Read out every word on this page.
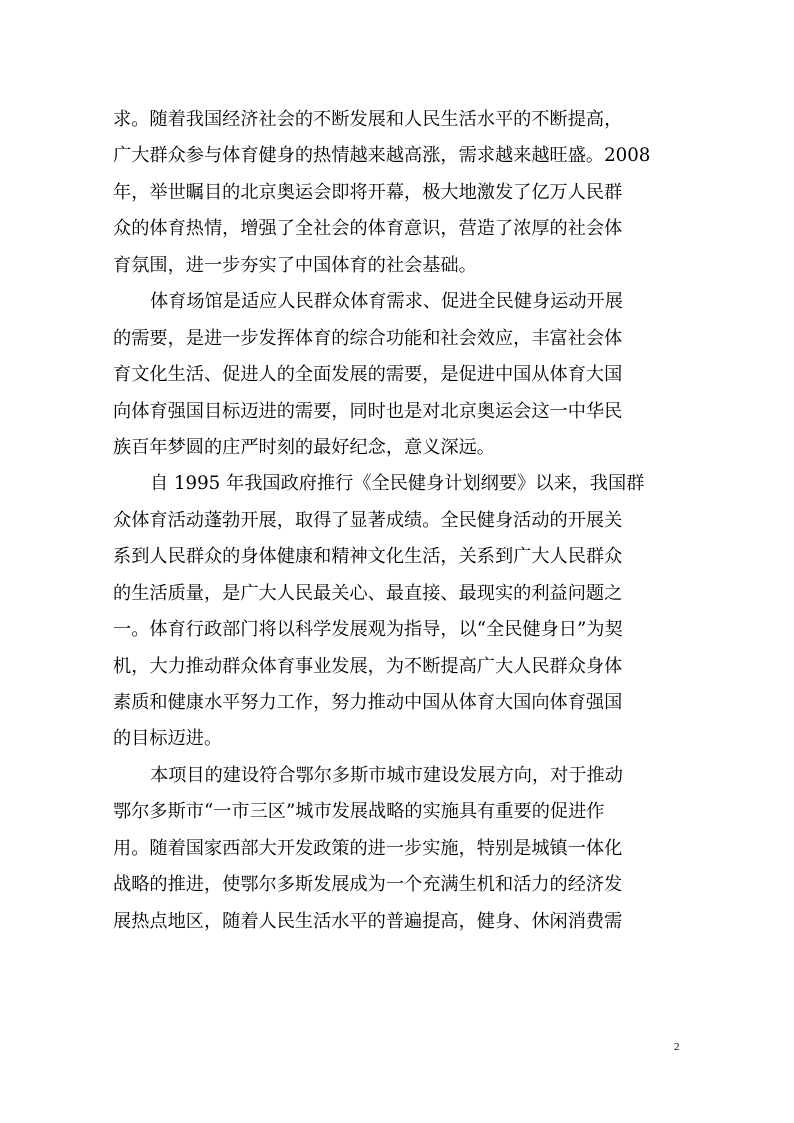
求。随着我国经济社会的不断发展和人民生活水平的不断提高，
广大群众参与体育健身的热情越来越高涨，需求越来越旺盛。2008
年，举世瞩目的北京奥运会即将开幕，极大地激发了亿万人民群
众的体育热情，增强了全社会的体育意识，营造了浓厚的社会体
育氛围，进一步夯实了中国体育的社会基础。
体育场馆是适应人民群众体育需求、促进全民健身运动开展
的需要，是进一步发挥体育的综合功能和社会效应，丰富社会体
育文化生活、促进人的全面发展的需要，是促进中国从体育大国
向体育强国目标迈进的需要，同时也是对北京奥运会这一中华民
族百年梦圆的庄严时刻的最好纪念，意义深远。
自 1995 年我国政府推行《全民健身计划纲要》以来，我国群
众体育活动蓬勃开展，取得了显著成绩。全民健身活动的开展关
系到人民群众的身体健康和精神文化生活，关系到广大人民群众
的生活质量，是广大人民最关心、最直接、最现实的利益问题之
一。体育行政部门将以科学发展观为指导，以“全民健身日”为契
机，大力推动群众体育事业发展，为不断提高广大人民群众身体
素质和健康水平努力工作，努力推动中国从体育大国向体育强国
的目标迈进。
本项目的建设符合鄂尔多斯市城市建设发展方向，对于推动
鄂尔多斯市“一市三区”城市发展战略的实施具有重要的促进作
用。随着国家西部大开发政策的进一步实施，特别是城镇一体化
战略的推进，使鄂尔多斯发展成为一个充满生机和活力的经济发
展热点地区，随着人民生活水平的普遍提高，健身、休闲消费需
2
